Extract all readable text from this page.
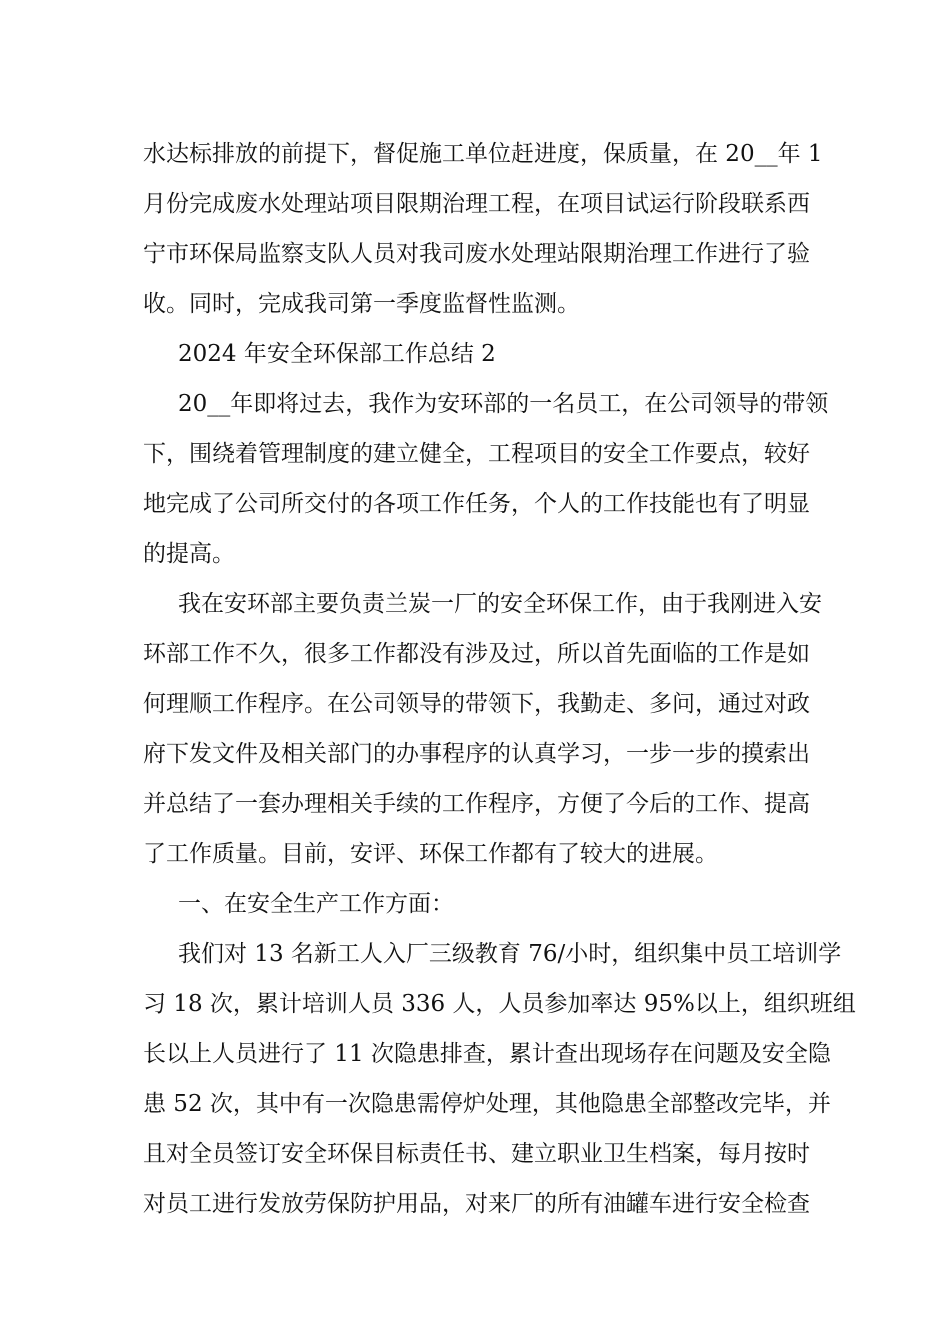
水达标排放的前提下，督促施工单位赶进度，保质量，在 20__年 1
月份完成废水处理站项目限期治理工程，在项目试运行阶段联系西
宁市环保局监察支队人员对我司废水处理站限期治理工作进行了验
收。同时，完成我司第一季度监督性监测。
2024 年安全环保部工作总结 2
20__年即将过去，我作为安环部的一名员工，在公司领导的带领
下，围绕着管理制度的建立健全，工程项目的安全工作要点，较好
地完成了公司所交付的各项工作任务，个人的工作技能也有了明显
的提高。
我在安环部主要负责兰炭一厂的安全环保工作，由于我刚进入安
环部工作不久，很多工作都没有涉及过，所以首先面临的工作是如
何理顺工作程序。在公司领导的带领下，我勤走、多问，通过对政
府下发文件及相关部门的办事程序的认真学习，一步一步的摸索出
并总结了一套办理相关手续的工作程序，方便了今后的工作、提高
了工作质量。目前，安评、环保工作都有了较大的进展。
一、在安全生产工作方面：
我们对 13 名新工人入厂三级教育 76/小时，组织集中员工培训学
习 18 次，累计培训人员 336 人，人员参加率达 95%以上，组织班组
长以上人员进行了 11 次隐患排查，累计查出现场存在问题及安全隐
患 52 次，其中有一次隐患需停炉处理，其他隐患全部整改完毕，并
且对全员签订安全环保目标责任书、建立职业卫生档案，每月按时
对员工进行发放劳保防护用品，对来厂的所有油罐车进行安全检查
